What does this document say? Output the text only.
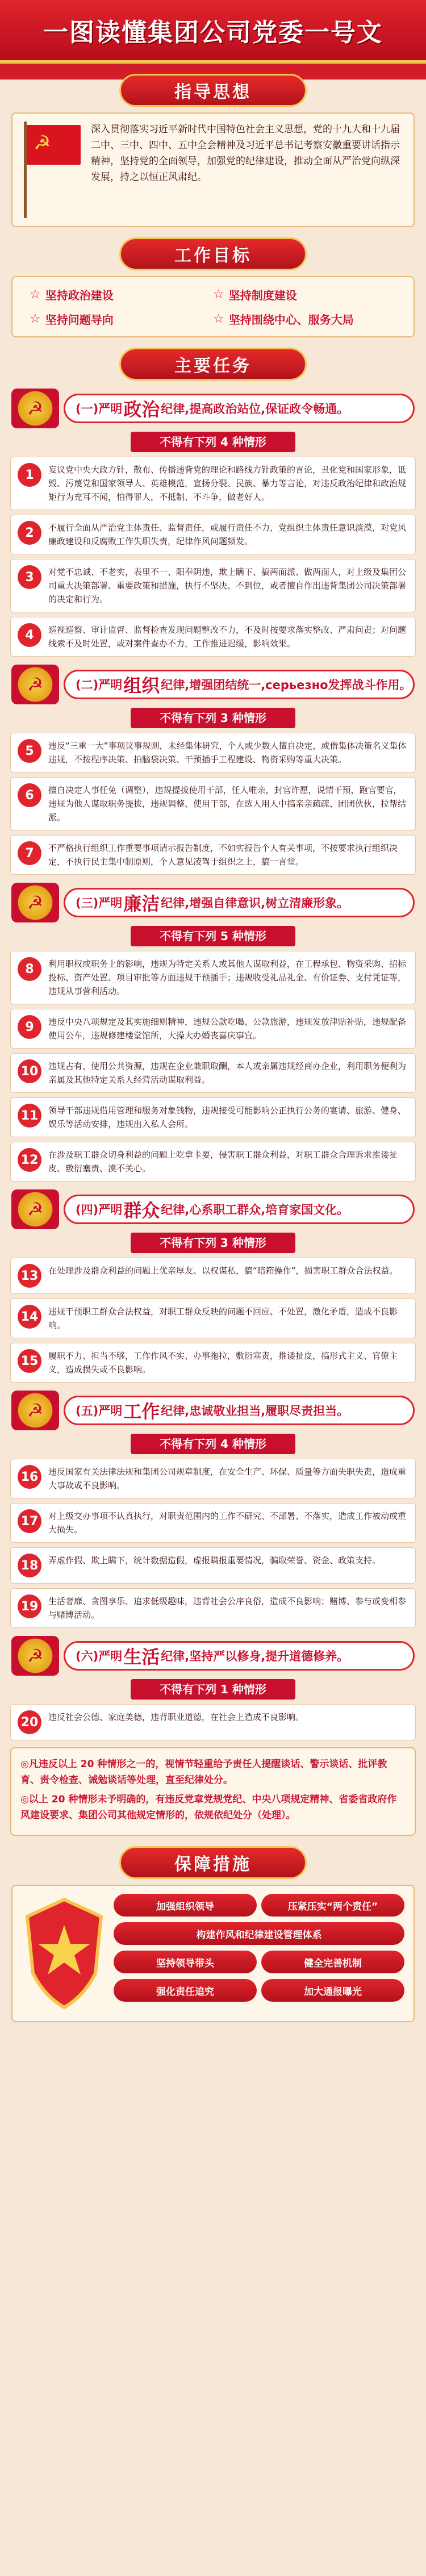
一图读懂集团公司党委一号文
指导思想
☭

深入贯彻落实习近平新时代中国特色社会主义思想，党的十九大和十九届二中、三中、四中、五中全会精神及习近平总书记考察安徽重要讲话指示精神，坚持党的全面领导，加强党的纪律建设，推动全面从严治党向纵深发展，持之以恒正风肃纪。

工作目标
☆ 坚持政治建设	☆ 坚持制度建设
☆ 坚持问题导向	☆ 坚持围绕中心、服务大局
主要任务
☭	(一) 严明 政治 纪律,提高政治站位,保证政令畅通。
不得有下列 4 种情形
1	妄议党中央大政方针，散布、传播违背党的理论和路线方针政策的言论，丑化党和国家形象，诋毁、污蔑党和国家领导人、英雄模范，宣扬分裂、民族、暴力等言论，对违反政治纪律和政治规矩行为充耳不闻，怕得罪人，不抵制、不斗争，做老好人。

2	不履行全面从严治党主体责任、监督责任，或履行责任不力，党组织主体责任意识淡漠，对党风廉政建设和反腐败工作失职失责，纪律作风问题频发。

3	对党不忠诚、不老实，表里不一、阳奉阴违，欺上瞒下、搞两面派、做两面人，对上级及集团公司重大决策部署、重要政策和措施，执行不坚决、不到位，或者擅自作出违背集团公司决策部署的决定和行为。

4	巡视巡察、审计监督、监督检查发现问题整改不力，不及时按要求落实整改、严肃问责；对问题线索不及时处置，或对案件查办不力，工作推进迟缓，影响效果。

☭	(二) 严明 组织 纪律,增强团结统一,серьезно发挥战斗作用。
不得有下列 3 种情形
5	违反“三重一大”事项议事规则，未经集体研究，个人或少数人擅自决定，或借集体决策名义集体违规，不按程序决策、拍脑袋决策、干预插手工程建设、物资采购等重大决策。

6	擅自决定人事任免（调整），违规提拔使用干部，任人唯亲，封官许愿，说情干预，跑官要官，违规为他人谋取职务提拔，违规调整、使用干部，在选人用人中搞亲亲疏疏、团团伙伙，拉帮结派。

7	不严格执行组织工作重要事项请示报告制度，不如实报告个人有关事项，不按要求执行组织决定，不执行民主集中制原则，个人意见凌驾于组织之上，搞一言堂。

☭	(三) 严明 廉洁 纪律,增强自律意识,树立清廉形象。
不得有下列 5 种情形
8	利用职权或职务上的影响，违规为特定关系人或其他人谋取利益，在工程承包、物资采购、招标投标、资产处置、项目审批等方面违规干预插手；违规收受礼品礼金、有价证券、支付凭证等，违规从事营利活动。

9	违反中央八项规定及其实施细则精神，违规公款吃喝、公款旅游，违规发放津贴补贴，违规配备使用公车，违规修建楼堂馆所，大操大办婚丧喜庆事宜。

10	违规占有、使用公共资源，违规在企业兼职取酬，本人或亲属违规经商办企业，利用职务便利为亲属及其他特定关系人经营活动谋取利益。

11	领导干部违规借用管理和服务对象钱物，违规接受可能影响公正执行公务的宴请、旅游、健身、娱乐等活动安排，违规出入私人会所。

12	在涉及职工群众切身利益的问题上吃拿卡要，侵害职工群众利益，对职工群众合理诉求推诿扯皮、敷衍塞责、漠不关心。

☭	(四) 严明 群众 纪律,心系职工群众,培育家国文化。
不得有下列 3 种情形
13	在处理涉及群众利益的问题上优亲厚友、以权谋私，搞“暗箱操作”，损害职工群众合法权益。

14	违规干预职工群众合法权益，对职工群众反映的问题不回应、不处置，激化矛盾，造成不良影响。

15	履职不力、担当不够，工作作风不实、办事拖拉，敷衍塞责，推诿扯皮，搞形式主义、官僚主义，造成损失或不良影响。

☭	(五) 严明 工作 纪律,忠诚敬业担当,履职尽责担当。
不得有下列 4 种情形
16	违反国家有关法律法规和集团公司规章制度，在安全生产、环保、质量等方面失职失责，造成重大事故或不良影响。

17	对上级交办事项不认真执行，对职责范围内的工作不研究、不部署、不落实，造成工作被动或重大损失。

18	弄虚作假、欺上瞒下，统计数据造假，虚报瞒报重要情况，骗取荣誉、资金、政策支持。

19	生活奢靡、贪图享乐、追求低级趣味，违背社会公序良俗，造成不良影响；赌博、参与或变相参与赌博活动。

☭	(六) 严明 生活 纪律,坚持严以修身,提升道德修养。
不得有下列 1 种情形
20	违反社会公德、家庭美德，违背职业道德，在社会上造成不良影响。

◎凡违反以上 20 种情形之一的，视情节轻重给予责任人提醒谈话、警示谈话、批评教育、责令检查、诫勉谈话等处理，直至纪律处分。

◎以上 20 种情形未予明确的，有违反党章党规党纪、中央八项规定精神、省委省政府作风建设要求、集团公司其他规定情形的，依规依纪处分（处理）。

保障措施
加强组织领导	压紧压实“两个责任”
构建作风和纪律建设管理体系
坚持领导带头	健全完善机制
强化责任追究	加大通报曝光
